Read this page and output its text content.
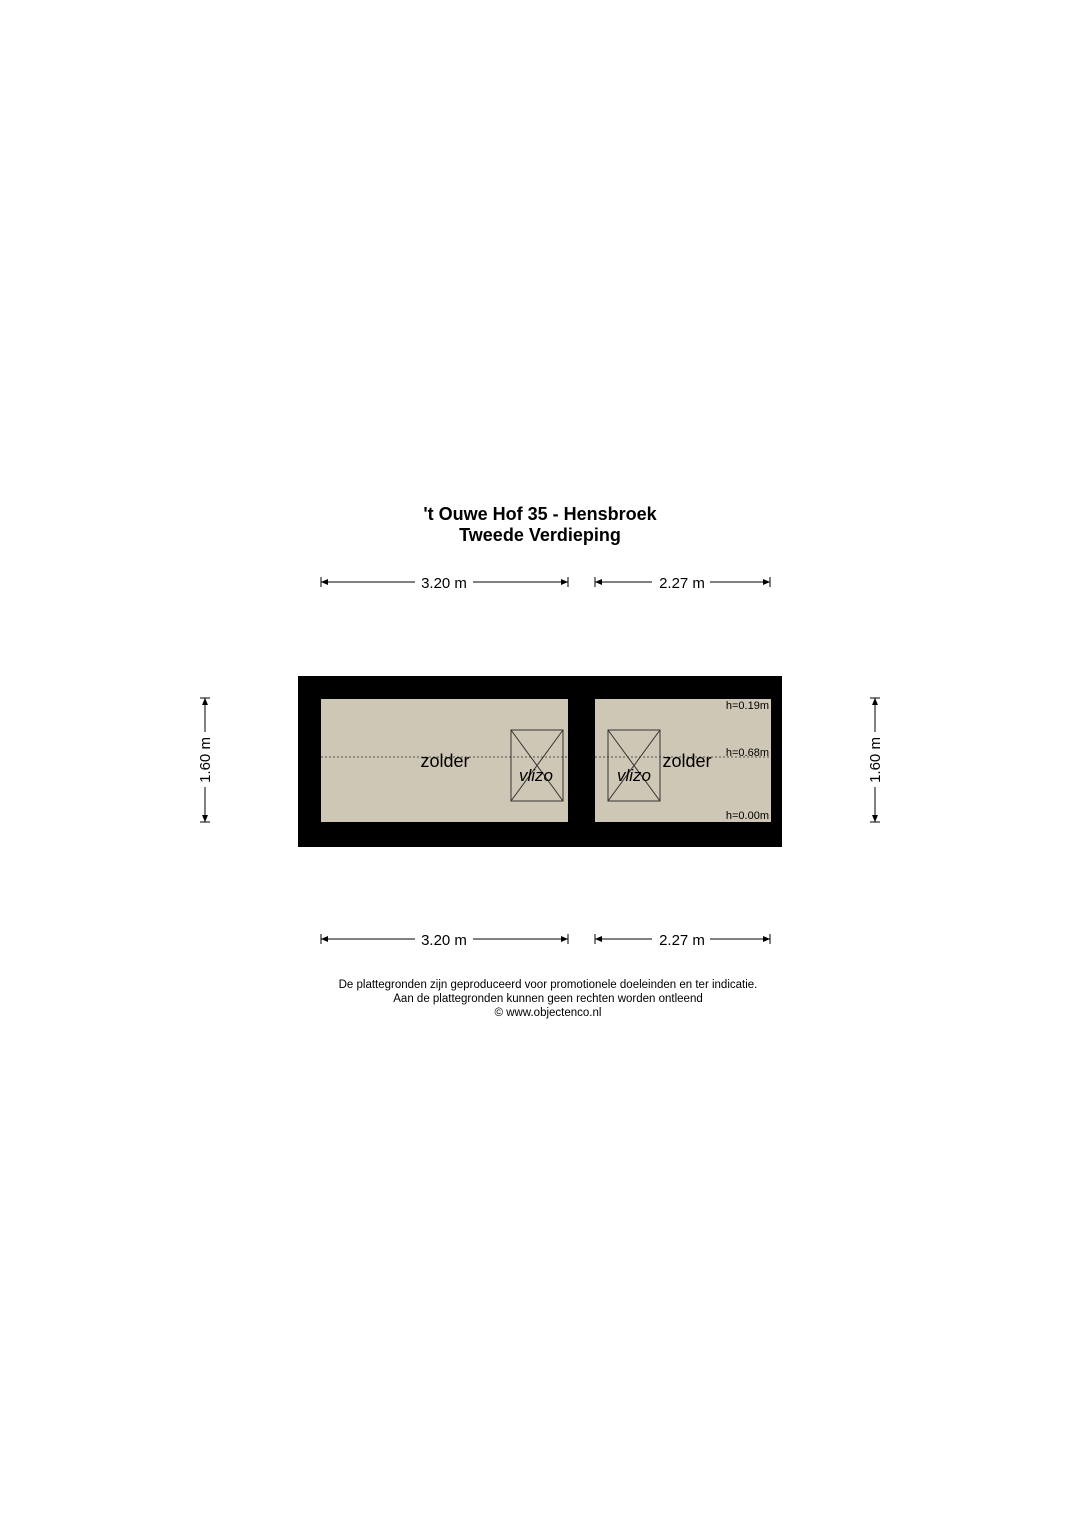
't Ouwe Hof 35 - Hensbroek
Tweede Verdieping
3.20 m	2.27 m
1.60 m	1.60 m
zolder
vlizo
zolder
vlizo
h=0.19m
h=0.68m
h=0.00m
3.20 m	2.27 m
De plattegronden zijn geproduceerd voor promotionele doeleinden en ter indicatie.
Aan de plattegronden kunnen geen rechten worden ontleend
© www.objectenco.nl
